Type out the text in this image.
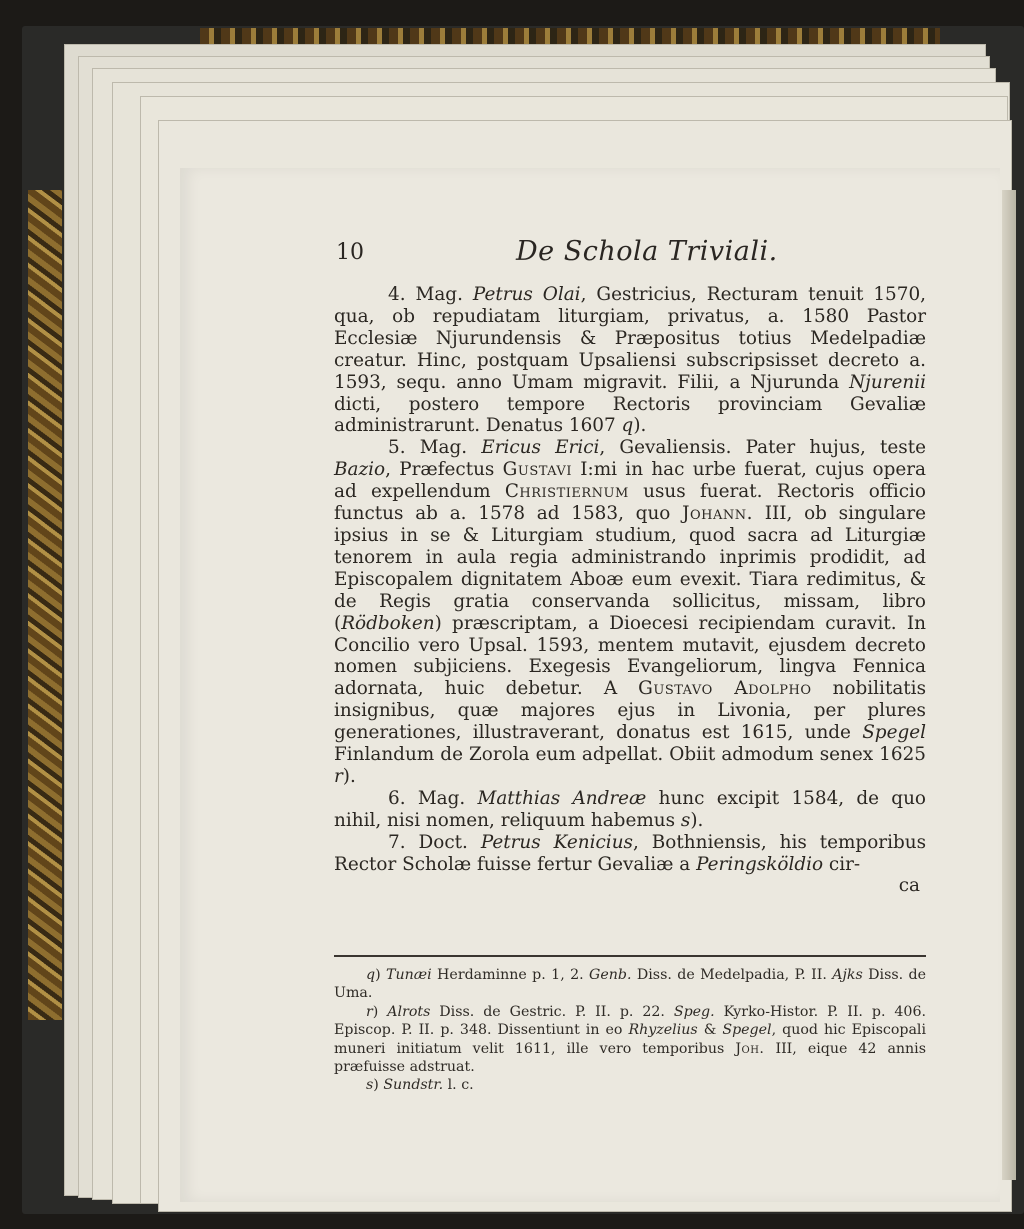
10	De Schola Triviali.

4. Mag. Petrus Olai, Gestricius, Recturam tenuit 1570, qua, ob repudiatam liturgiam, privatus, a. 1580 Pastor Ecclesiæ Njurundensis & Præpositus totius Medelpadiæ creatur. Hinc, postquam Upsaliensi subscripsisset decreto a. 1593, sequ. anno Umam migravit. Filii, a Njurunda Njurenii dicti, postero tempore Rectoris provinciam Gevaliæ administrarunt. Denatus 1607 q).

5. Mag. Ericus Erici, Gevaliensis. Pater hujus, teste Bazio, Præfectus Gustavi I:mi in hac urbe fuerat, cujus opera ad expellendum Christiernum usus fuerat. Rectoris officio functus ab a. 1578 ad 1583, quo Johann. III, ob singulare ipsius in se & Liturgiam studium, quod sacra ad Liturgiæ tenorem in aula regia administrando inprimis prodidit, ad Episcopalem dignitatem Aboæ eum evexit. Tiara redimitus, & de Regis gratia conservanda sollicitus, missam, libro (Rödboken) præscriptam, a Dioecesi recipiendam curavit. In Concilio vero Upsal. 1593, mentem mutavit, ejusdem decreto nomen subjiciens. Exegesis Evangeliorum, lingva Fennica adornata, huic debetur. A Gustavo Adolpho nobilitatis insignibus, quæ majores ejus in Livonia, per plures generationes, illustraverant, donatus est 1615, unde Spegel Finlandum de Zorola eum adpellat. Obiit admodum senex 1625 r).

6. Mag. Matthias Andreæ hunc excipit 1584, de quo nihil, nisi nomen, reliquum habemus s).

7. Doct. Petrus Kenicius, Bothniensis, his temporibus Rector Scholæ fuisse fertur Gevaliæ a Peringsköldio cir-

ca

q) Tunæi Herdaminne p. 1, 2. Genb. Diss. de Medelpadia, P. II. Ajks Diss. de Uma.

r) Alrots Diss. de Gestric. P. II. p. 22. Speg. Kyrko-Histor. P. II. p. 406. Episcop. P. II. p. 348. Dissentiunt in eo Rhyzelius & Spegel, quod hic Episcopali muneri initiatum velit 1611, ille vero temporibus Joh. III, eique 42 annis præfuisse adstruat.

s) Sundstr. l. c.
